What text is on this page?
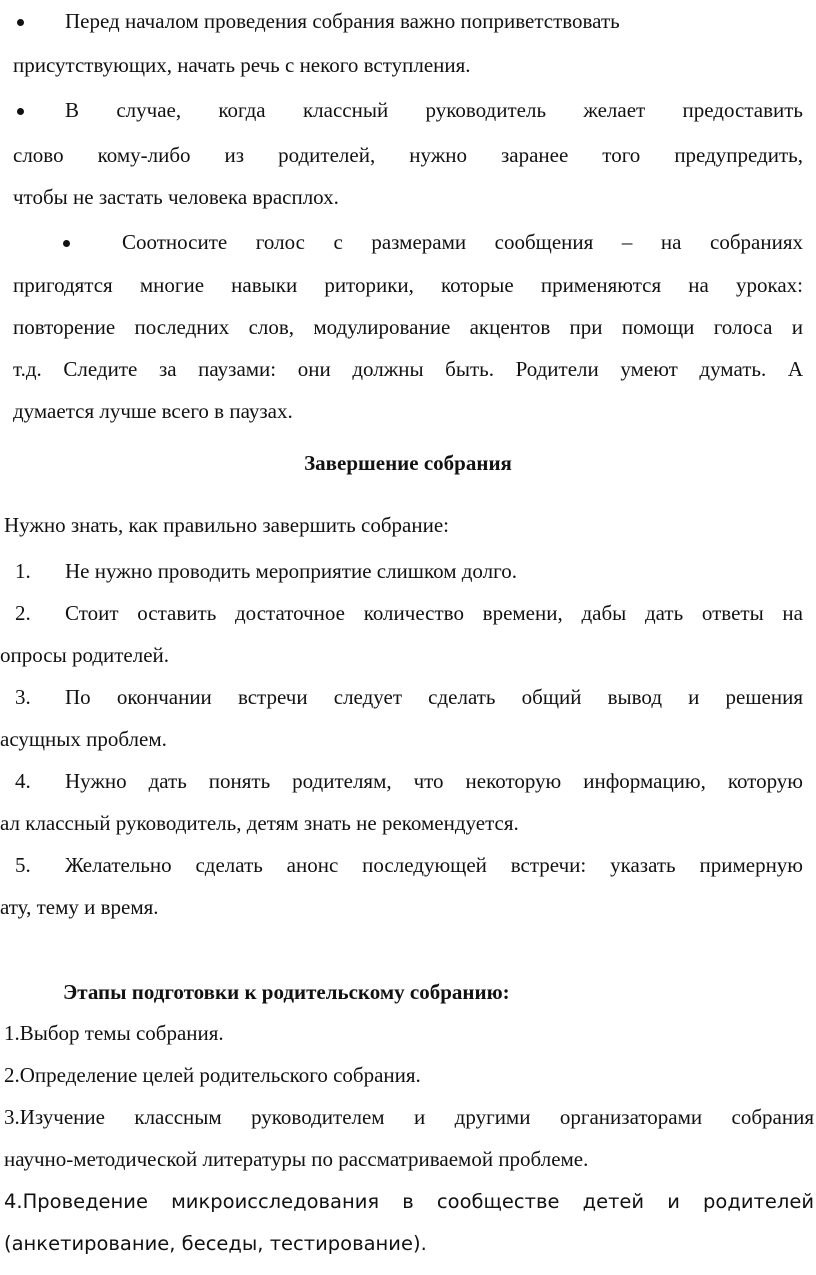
Перед началом проведения собрания важно поприветствовать
присутствующих, начать речь с некого вступления.
В случае, когда классный руководитель желает предоставить
слово кому-либо из родителей, нужно заранее того предупредить,
чтобы не застать человека врасплох.
Соотносите голос с размерами сообщения – на собраниях
пригодятся многие навыки риторики, которые применяются на уроках:
повторение последних слов, модулирование акцентов при помощи голоса и
т.д. Следите за паузами: они должны быть. Родители умеют думать. А
думается лучше всего в паузах.
Завершение собрания
Нужно знать, как правильно завершить собрание:
1. Не нужно проводить мероприятие слишком долго.
2. Стоит оставить достаточное количество времени, дабы дать ответы на
опросы родителей.
3. По окончании встречи следует сделать общий вывод и решения
асущных проблем.
4. Нужно дать понять родителям, что некоторую информацию, которую
ал классный руководитель, детям знать не рекомендуется.
5. Желательно сделать анонс последующей встречи: указать примерную
ату, тему и время.
Этапы подготовки к родительскому собранию:
1.Выбор темы собрания.
2.Определение целей родительского собрания.
3.Изучение классным руководителем и другими организаторами собрания
научно-методической литературы по рассматриваемой проблеме.
4.Проведение микроисследования в сообществе детей и родителей
(анкетирование, беседы, тестирование).
